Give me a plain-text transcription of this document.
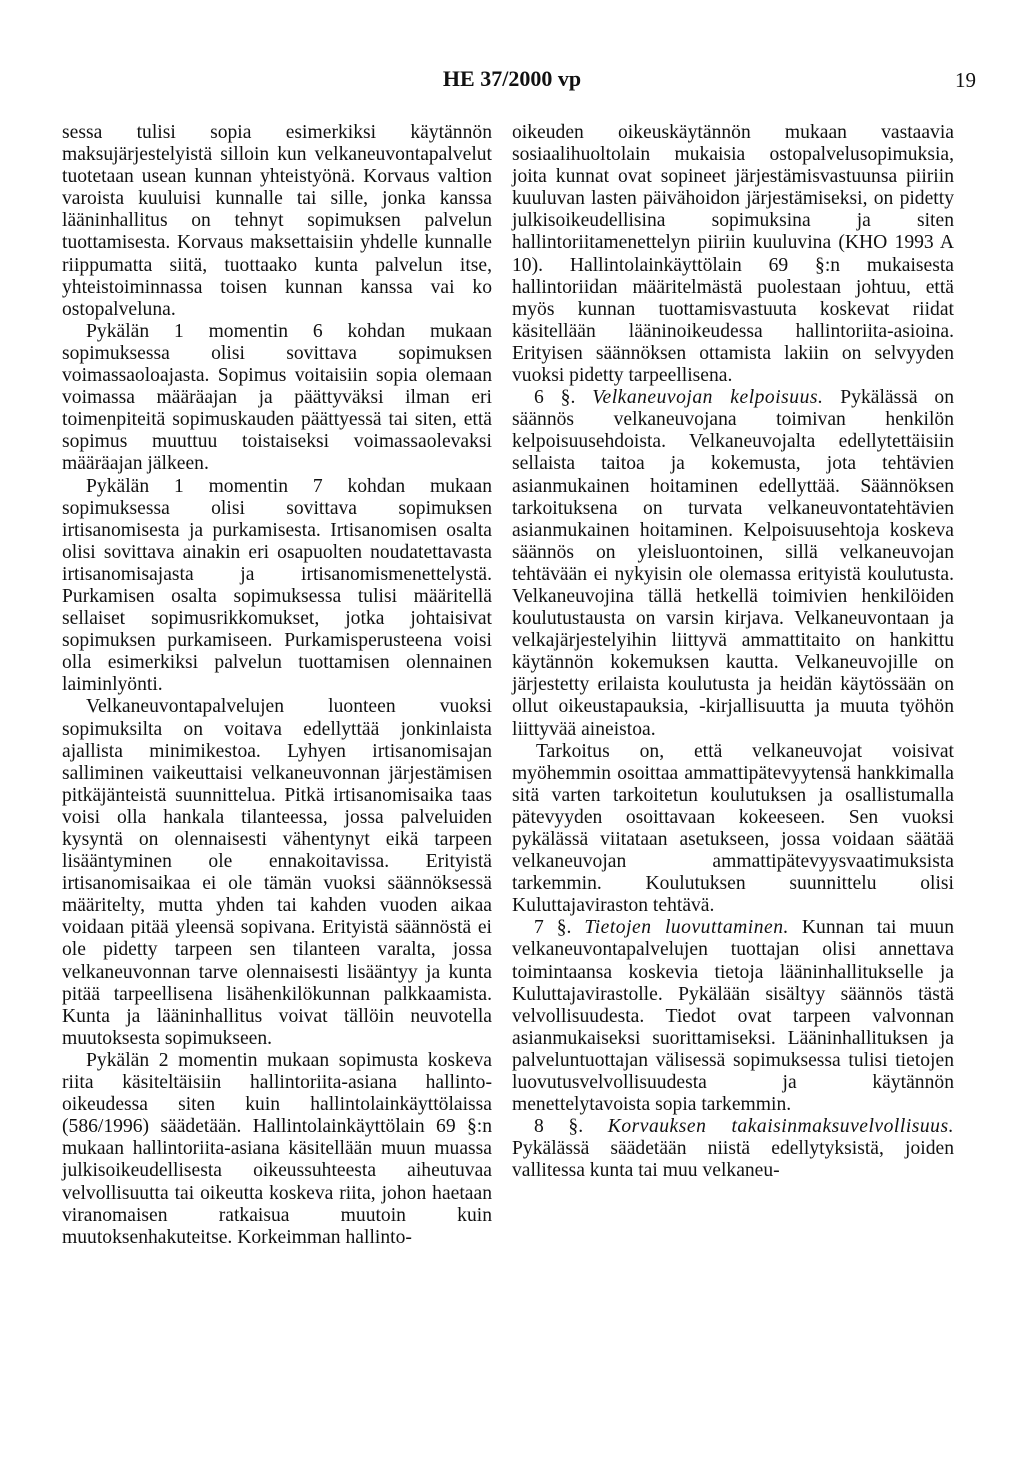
HE 37/2000 vp	19

sessa tulisi sopia esimerkiksi käytännön maksujärjestelyistä silloin kun velkaneuvontapalvelut tuotetaan usean kunnan yhteistyönä. Korvaus valtion varoista kuuluisi kunnalle tai sille, jonka kanssa lääninhallitus on tehnyt sopimuksen palvelun tuottamisesta. Korvaus maksettaisiin yhdelle kunnalle riippumatta siitä, tuottaako kunta palvelun itse, yhteistoiminnassa toisen kunnan kanssa vai ko ostopalveluna.

Pykälän 1 momentin 6 kohdan mukaan sopimuksessa olisi sovittava sopimuksen voimassaoloajasta. Sopimus voitaisiin sopia olemaan voimassa määräajan ja päättyväksi ilman eri toimenpiteitä sopimuskauden päättyessä tai siten, että sopimus muuttuu toistaiseksi voimassaolevaksi määräajan jälkeen.

Pykälän 1 momentin 7 kohdan mukaan sopimuksessa olisi sovittava sopimuksen irtisanomisesta ja purkamisesta. Irtisanomisen osalta olisi sovittava ainakin eri osapuolten noudatettavasta irtisanomisajasta ja irtisanomismenettelystä. Purkamisen osalta sopimuksessa tulisi määritellä sellaiset sopimusrikkomukset, jotka johtaisivat sopimuksen purkamiseen. Purkamisperusteena voisi olla esimerkiksi palvelun tuottamisen olennainen laiminlyönti.

Velkaneuvontapalvelujen luonteen vuoksi sopimuksilta on voitava edellyttää jonkinlaista ajallista minimikestoa. Lyhyen irtisanomisajan salliminen vaikeuttaisi velkaneuvonnan järjestämisen pitkäjänteistä suunnittelua. Pitkä irtisanomisaika taas voisi olla hankala tilanteessa, jossa palveluiden kysyntä on olennaisesti vähentynyt eikä tarpeen lisääntyminen ole ennakoitavissa. Erityistä irtisanomisaikaa ei ole tämän vuoksi säännöksessä määritelty, mutta yhden tai kahden vuoden aikaa voidaan pitää yleensä sopivana. Erityistä säännöstä ei ole pidetty tarpeen sen tilanteen varalta, jossa velkaneuvonnan tarve olennaisesti lisääntyy ja kunta pitää tarpeellisena lisähenkilökunnan palkkaamista. Kunta ja lääninhallitus voivat tällöin neuvotella muutoksesta sopimukseen.

Pykälän 2 momentin mukaan sopimusta koskeva riita käsiteltäisiin hallintoriita-asiana hallinto-oikeudessa siten kuin hallintolainkäyttölaissa (586/1996) säädetään. Hallintolainkäyttölain 69 §:n mukaan hallintoriita-asiana käsitellään muun muassa julkisoikeudellisesta oikeussuhteesta aiheutuvaa velvollisuutta tai oikeutta koskeva riita, johon haetaan viranomaisen ratkaisua muutoin kuin muutoksenhakuteitse. Korkeimman hallinto-

oikeuden oikeuskäytännön mukaan vastaavia sosiaalihuoltolain mukaisia ostopalvelusopimuksia, joita kunnat ovat sopineet järjestämisvastuunsa piiriin kuuluvan lasten päivähoidon järjestämiseksi, on pidetty julkisoikeudellisina sopimuksina ja siten hallintoriitamenettelyn piiriin kuuluvina (KHO 1993 A 10). Hallintolainkäyttölain 69 §:n mukaisesta hallintoriidan määritelmästä puolestaan johtuu, että myös kunnan tuottamisvastuuta koskevat riidat käsitellään lääninoikeudessa hallintoriita-asioina. Erityisen säännöksen ottamista lakiin on selvyyden vuoksi pidetty tarpeellisena.

6 §. Velkaneuvojan kelpoisuus. Pykälässä on säännös velkaneuvojana toimivan henkilön kelpoisuusehdoista. Velkaneuvojalta edellytettäisiin sellaista taitoa ja kokemusta, jota tehtävien asianmukainen hoitaminen edellyttää. Säännöksen tarkoituksena on turvata velkaneuvontatehtävien asianmukainen hoitaminen. Kelpoisuusehtoja koskeva säännös on yleisluontoinen, sillä velkaneuvojan tehtävään ei nykyisin ole olemassa erityistä koulutusta. Velkaneuvojina tällä hetkellä toimivien henkilöiden koulutustausta on varsin kirjava. Velkaneuvontaan ja velkajärjestelyihin liittyvä ammattitaito on hankittu käytännön kokemuksen kautta. Velkaneuvojille on järjestetty erilaista koulutusta ja heidän käytössään on ollut oikeustapauksia, -kirjallisuutta ja muuta työhön liittyvää aineistoa.

Tarkoitus on, että velkaneuvojat voisivat myöhemmin osoittaa ammattipätevyytensä hankkimalla sitä varten tarkoitetun koulutuksen ja osallistumalla pätevyyden osoittavaan kokeeseen. Sen vuoksi pykälässä viitataan asetukseen, jossa voidaan säätää velkaneuvojan ammattipätevyysvaatimuksista tarkemmin. Koulutuksen suunnittelu olisi Kuluttajaviraston tehtävä.

7 §. Tietojen luovuttaminen. Kunnan tai muun velkaneuvontapalvelujen tuottajan olisi annettava toimintaansa koskevia tietoja lääninhallitukselle ja Kuluttajavirastolle. Pykälään sisältyy säännös tästä velvollisuudesta. Tiedot ovat tarpeen valvonnan asianmukaiseksi suorittamiseksi. Lääninhallituksen ja palveluntuottajan välisessä sopimuksessa tulisi tietojen luovutusvelvollisuudesta ja käytännön menettelytavoista sopia tarkemmin.

8 §. Korvauksen takaisinmaksuvelvollisuus. Pykälässä säädetään niistä edellytyksistä, joiden vallitessa kunta tai muu velkaneu-
